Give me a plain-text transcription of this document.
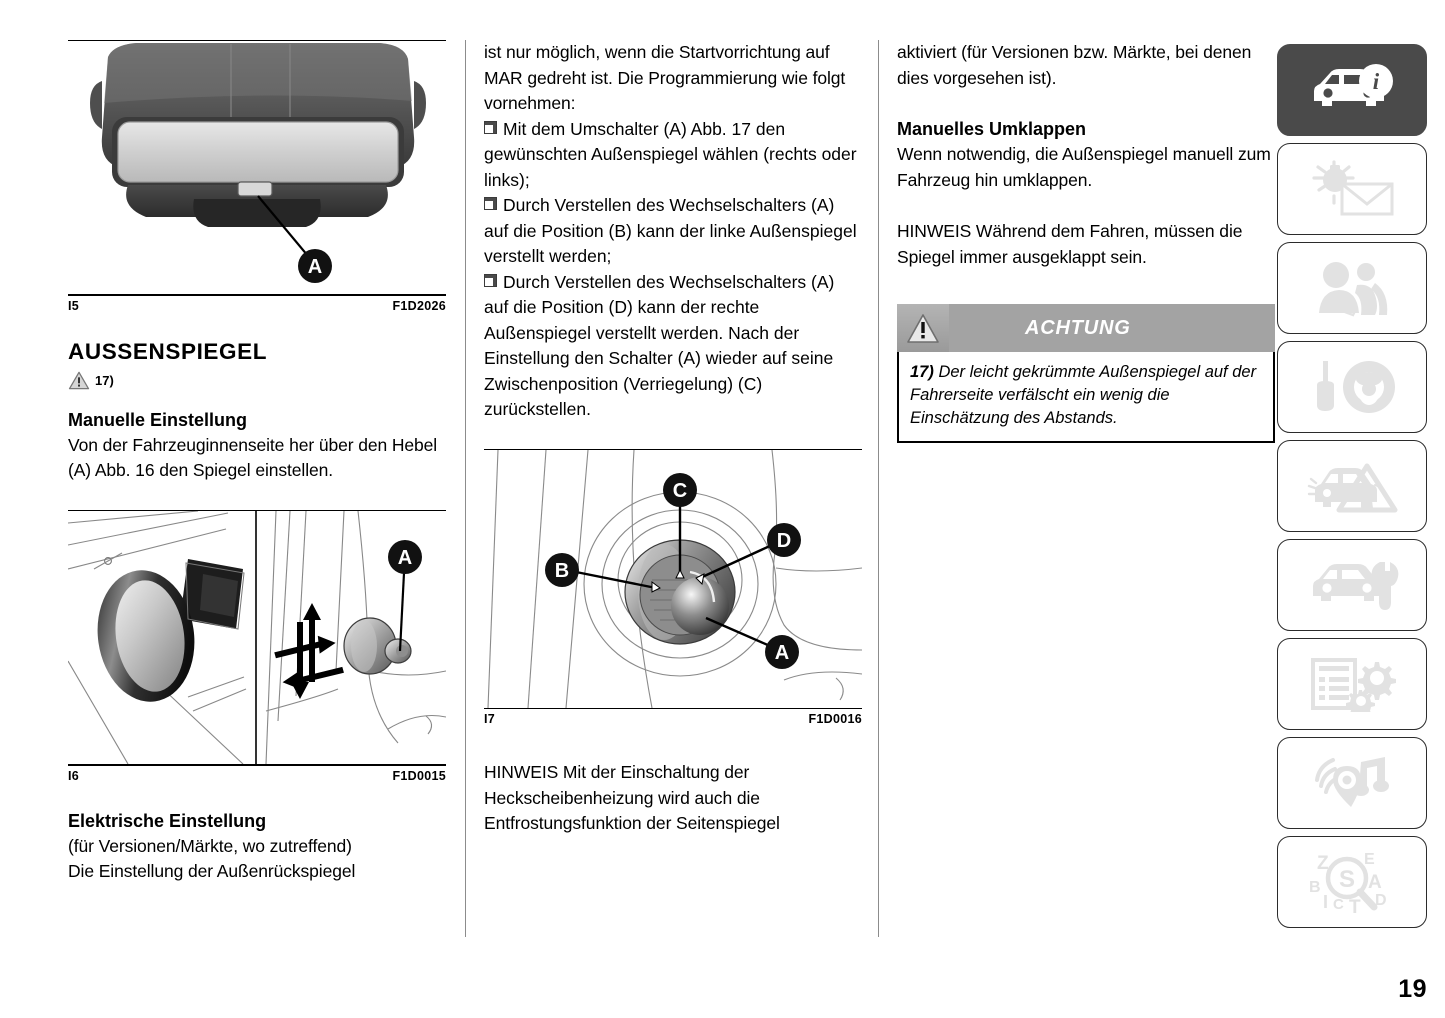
A
I5	F1D2026
AUSSENSPIEGEL
17)
Manuelle Einstellung

Von der Fahrzeuginnenseite her über den Hebel (A) Abb. 16 den Spiegel einstellen.

A
I6	F1D0015
Elektrische Einstellung

(für Versionen/Märkte, wo zutreffend)

Die Einstellung der Außenrückspiegel

ist nur möglich, wenn die Startvorrichtung auf MAR gedreht ist. Die Programmierung wie folgt vornehmen:

Mit dem Umschalter (A) Abb. 17 den gewünschten Außenspiegel wählen (rechts oder links);
Durch Verstellen des Wechselschalters (A) auf die Position (B) kann der linke Außenspiegel verstellt werden;
Durch Verstellen des Wechselschalters (A) auf die Position (D) kann der rechte Außenspiegel verstellt werden. Nach der Einstellung den Schalter (A) wieder auf seine Zwischenposition (Verriegelung) (C) zurückstellen.
C
D
B
A
I7	F1D0016

HINWEIS Mit der Einschaltung der Heckscheibenheizung wird auch die Entfrostungsfunktion der Seitenspiegel

aktiviert (für Versionen bzw. Märkte, bei denen dies vorgesehen ist).

Manuelles Umklappen

Wenn notwendig, die Außenspiegel manuell zum Fahrzeug hin umklappen.

HINWEIS Während dem Fahren, müssen die Spiegel immer ausgeklappt sein.

ACHTUNG

17) Der leicht gekrümmte Außenspiegel auf der Fahrerseite verfälscht ein wenig die Einschätzung des Abstands.

i
Z
B
I C T
E
A
D
S
19
